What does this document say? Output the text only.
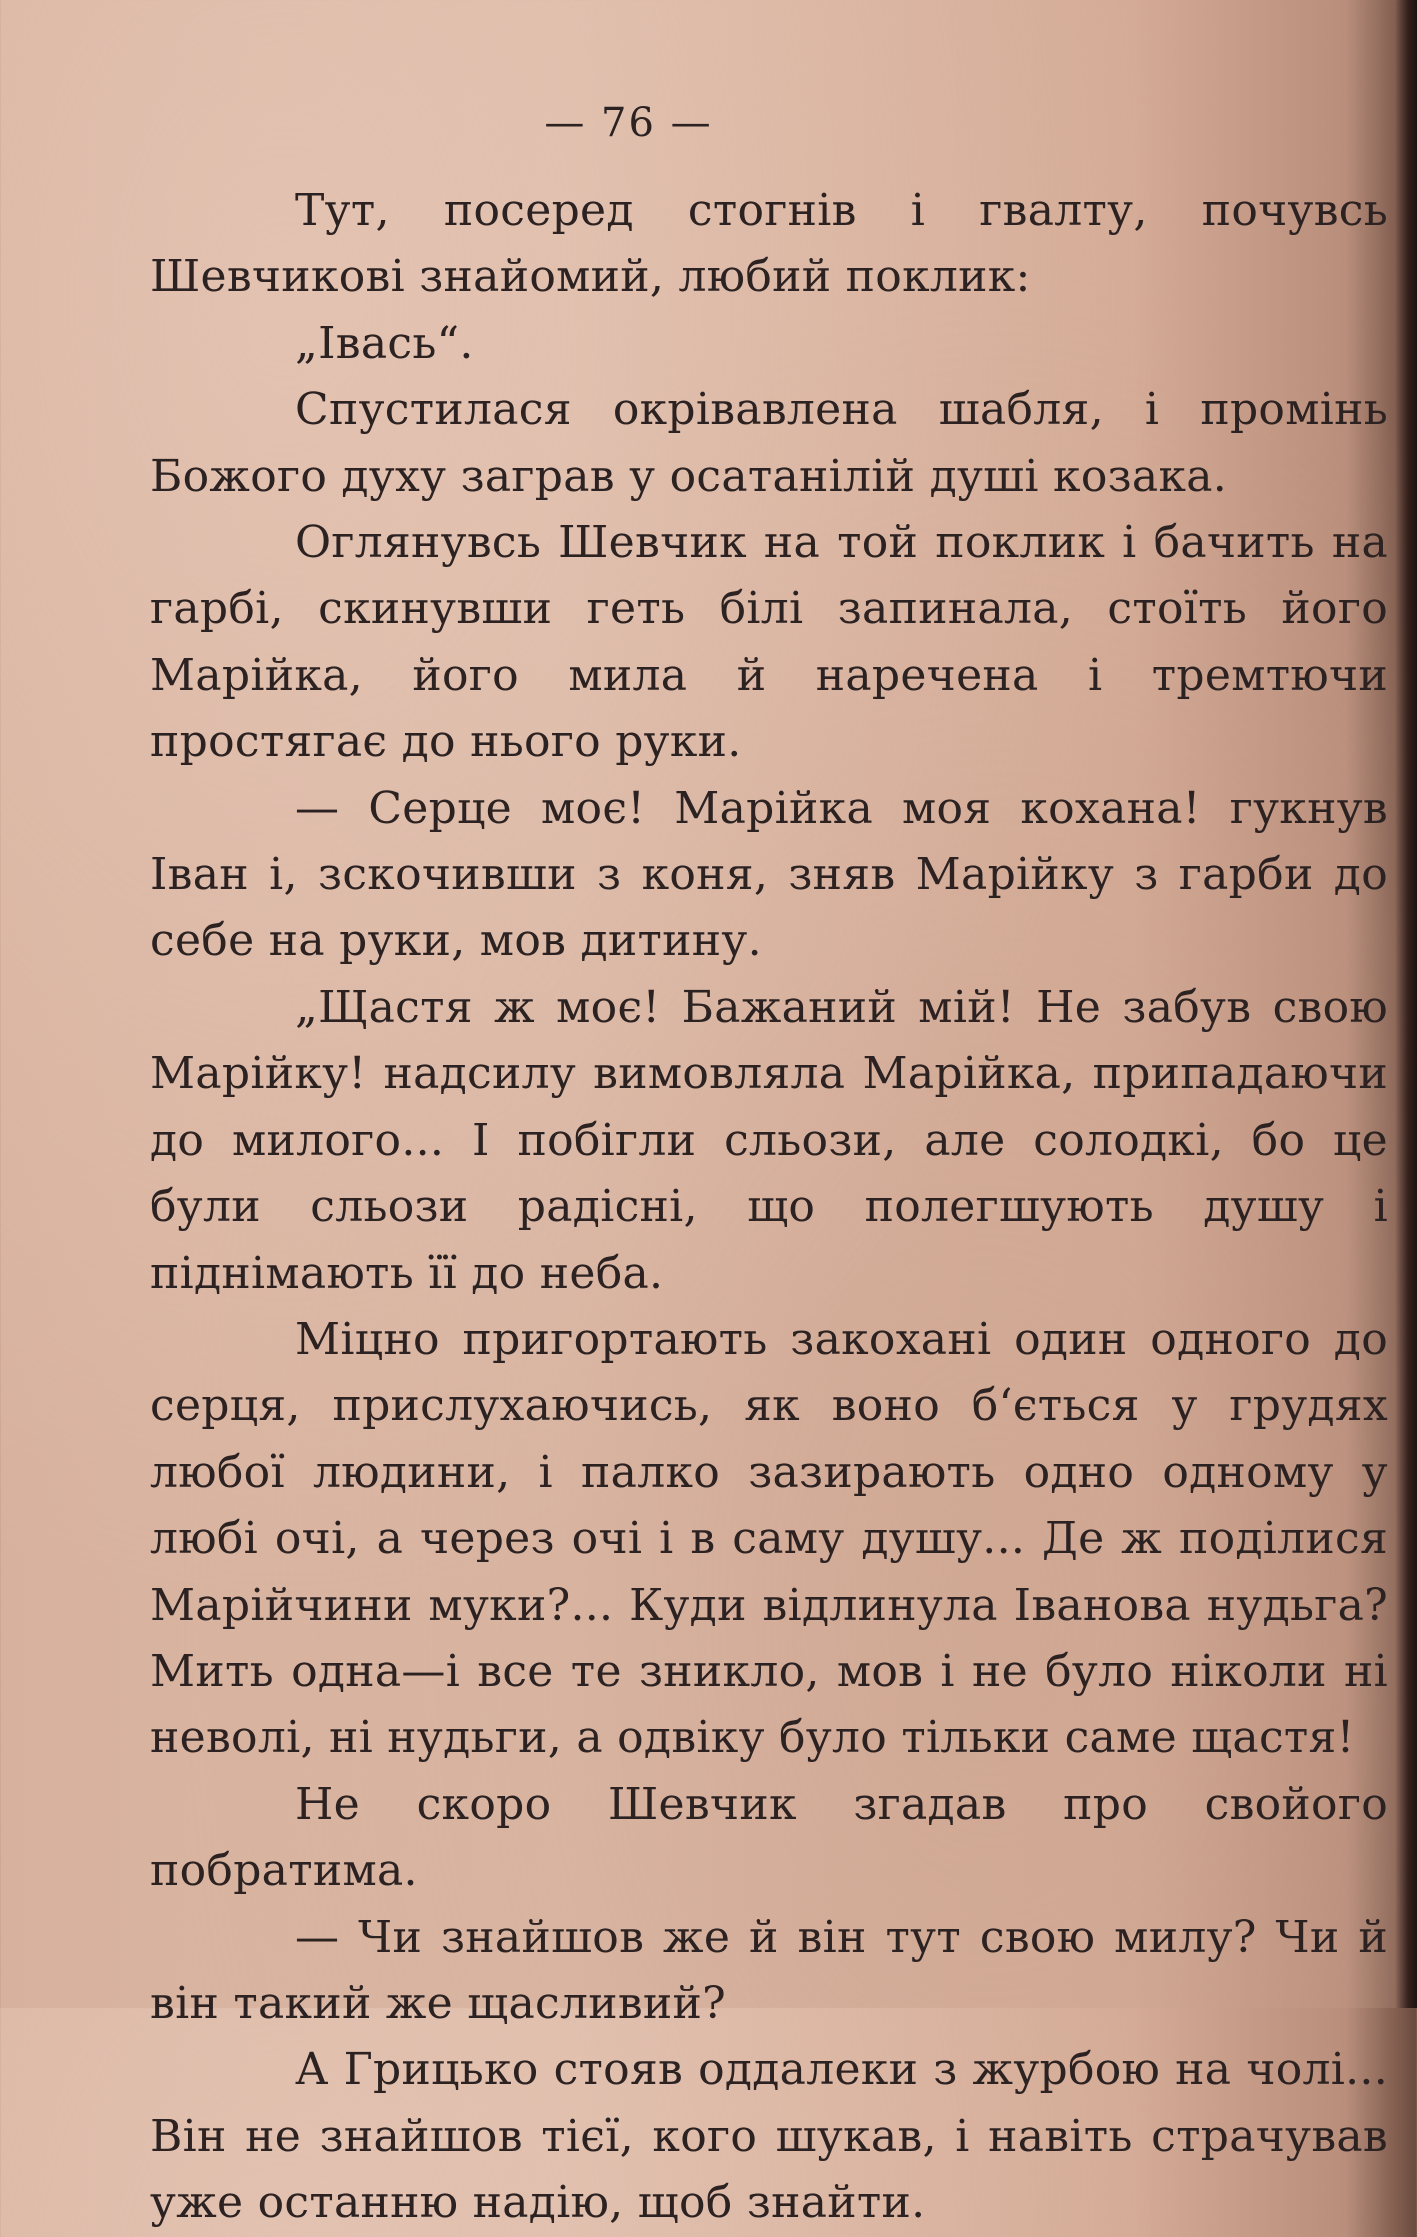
— 76 —

Тут, посеред стогнів і гвалту, почувсь Шевчикові знайомий, любий поклик:

„Івась“.

Спустилася окрівавлена шабля, і промінь Божого духу заграв у осатанілій душі козака.

Оглянувсь Шевчик на той поклик і бачить на гарбі, скинувши геть білі запинала, стоїть його Марійка, його мила й наречена і тремтючи простягає до нього руки.

— Серце моє! Марійка моя кохана! гукнув Іван і, зскочивши з коня, зняв Марійку з гарби до себе на руки, мов дитину.

„Щастя ж моє! Бажаний мій! Не забув свою Марійку! надсилу вимовляла Марійка, припадаючи до милого... І побігли сльози, але солодкі, бо це були сльози радісні, що полегшують душу і піднімають її до неба.

Міцно пригортають закохані один одного до серця, прислухаючись, як воно б‘ється у грудях любої людини, і палко зазирають одно одному у любі очі, а через очі і в саму душу... Де ж поділися Марійчини муки?... Куди відлинула Іванова нудьга? Мить одна—і все те зникло, мов і не було ніколи ні неволі, ні нудьги, а одвіку було тільки саме щастя!

Не скоро Шевчик згадав про свойого побратима.

— Чи знайшов же й він тут свою милу? Чи й він такий же щасливий?

А Грицько стояв оддалеки з журбою на чолі... Він не знайшов тієї, кого шукав, і навіть страчував уже останню надію, щоб знайти.
